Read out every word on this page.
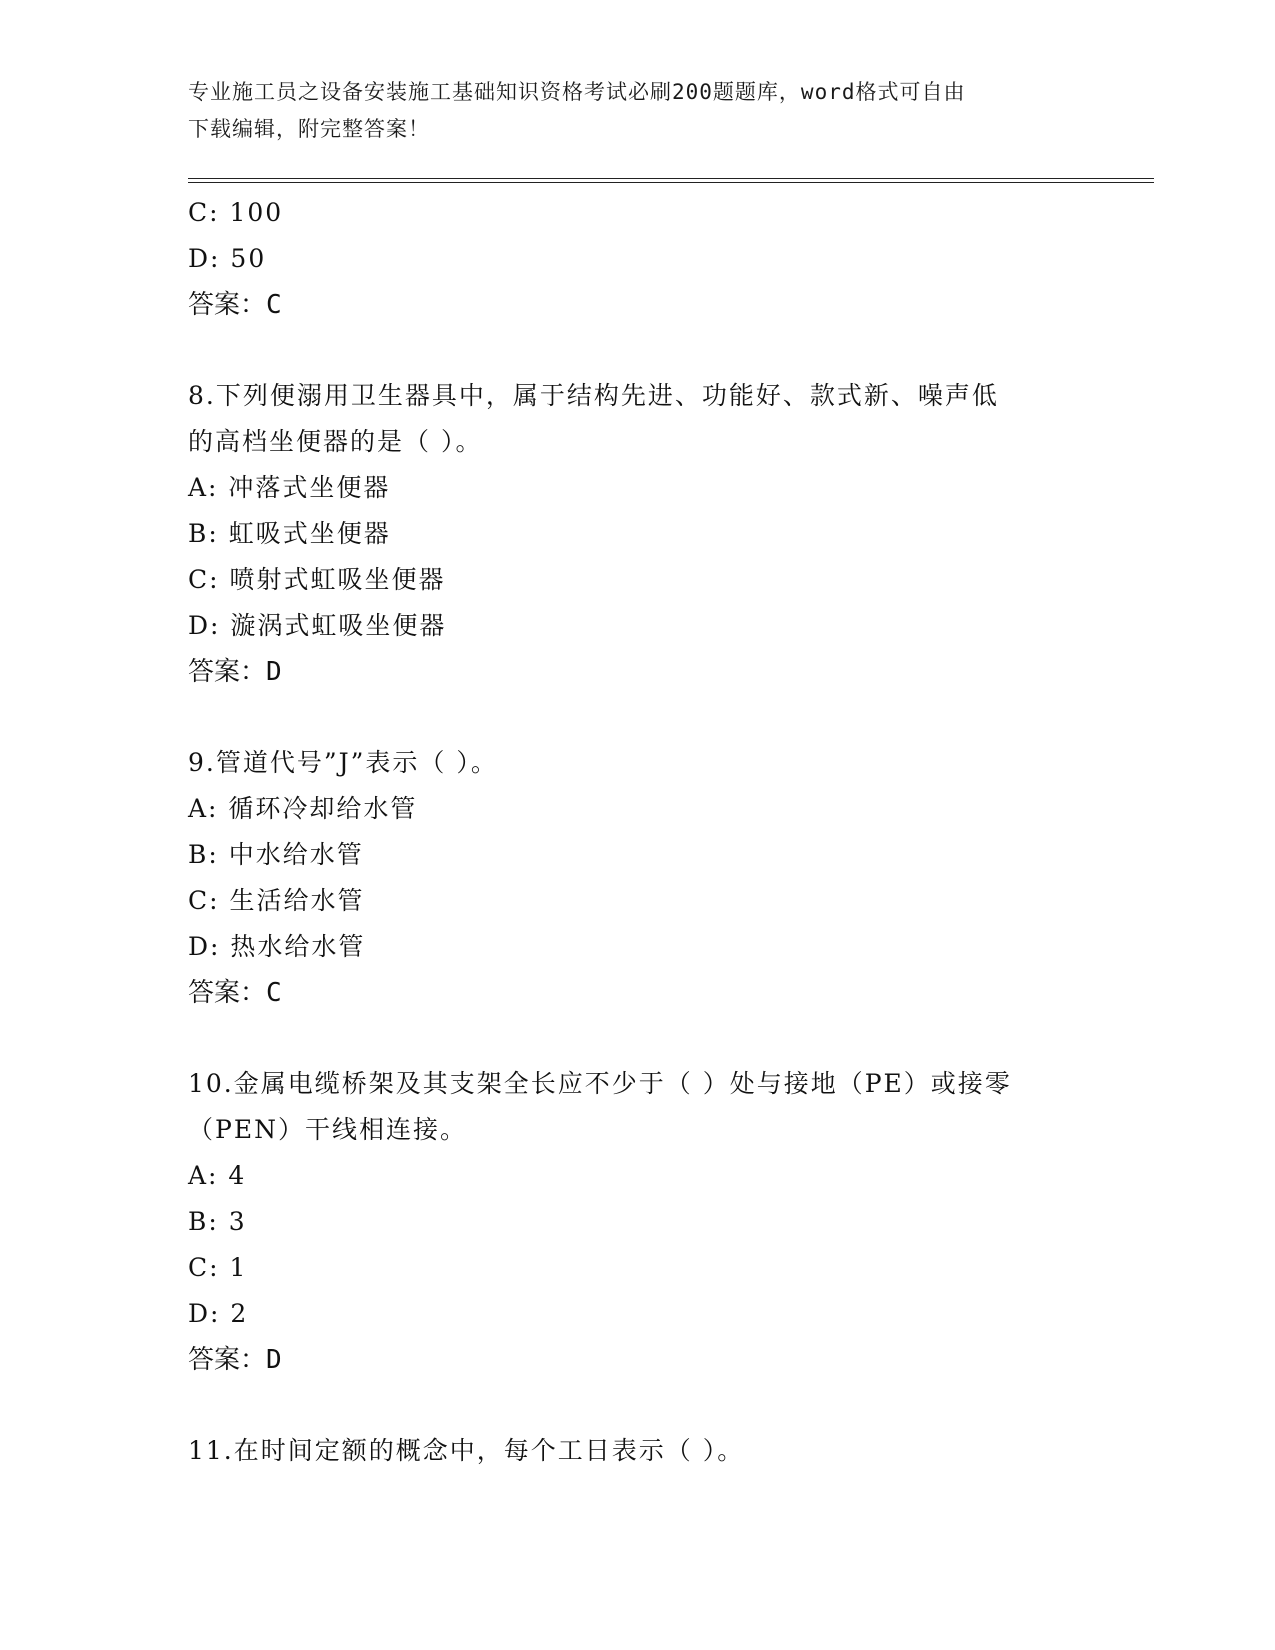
专业施工员之设备安装施工基础知识资格考试必刷200题题库，word格式可自由
下载编辑，附完整答案！
C: 100
D: 50
答案：C
8.下列便溺用卫生器具中，属于结构先进、功能好、款式新、噪声低
的高档坐便器的是（ ）。
A: 冲落式坐便器
B: 虹吸式坐便器
C: 喷射式虹吸坐便器
D: 漩涡式虹吸坐便器
答案：D
9.管道代号”J”表示（ ）。
A: 循环冷却给水管
B: 中水给水管
C: 生活给水管
D: 热水给水管
答案：C
10.金属电缆桥架及其支架全长应不少于（ ）处与接地（PE）或接零
（PEN）干线相连接。
A: 4
B: 3
C: 1
D: 2
答案：D
11.在时间定额的概念中，每个工日表示（ ）。
